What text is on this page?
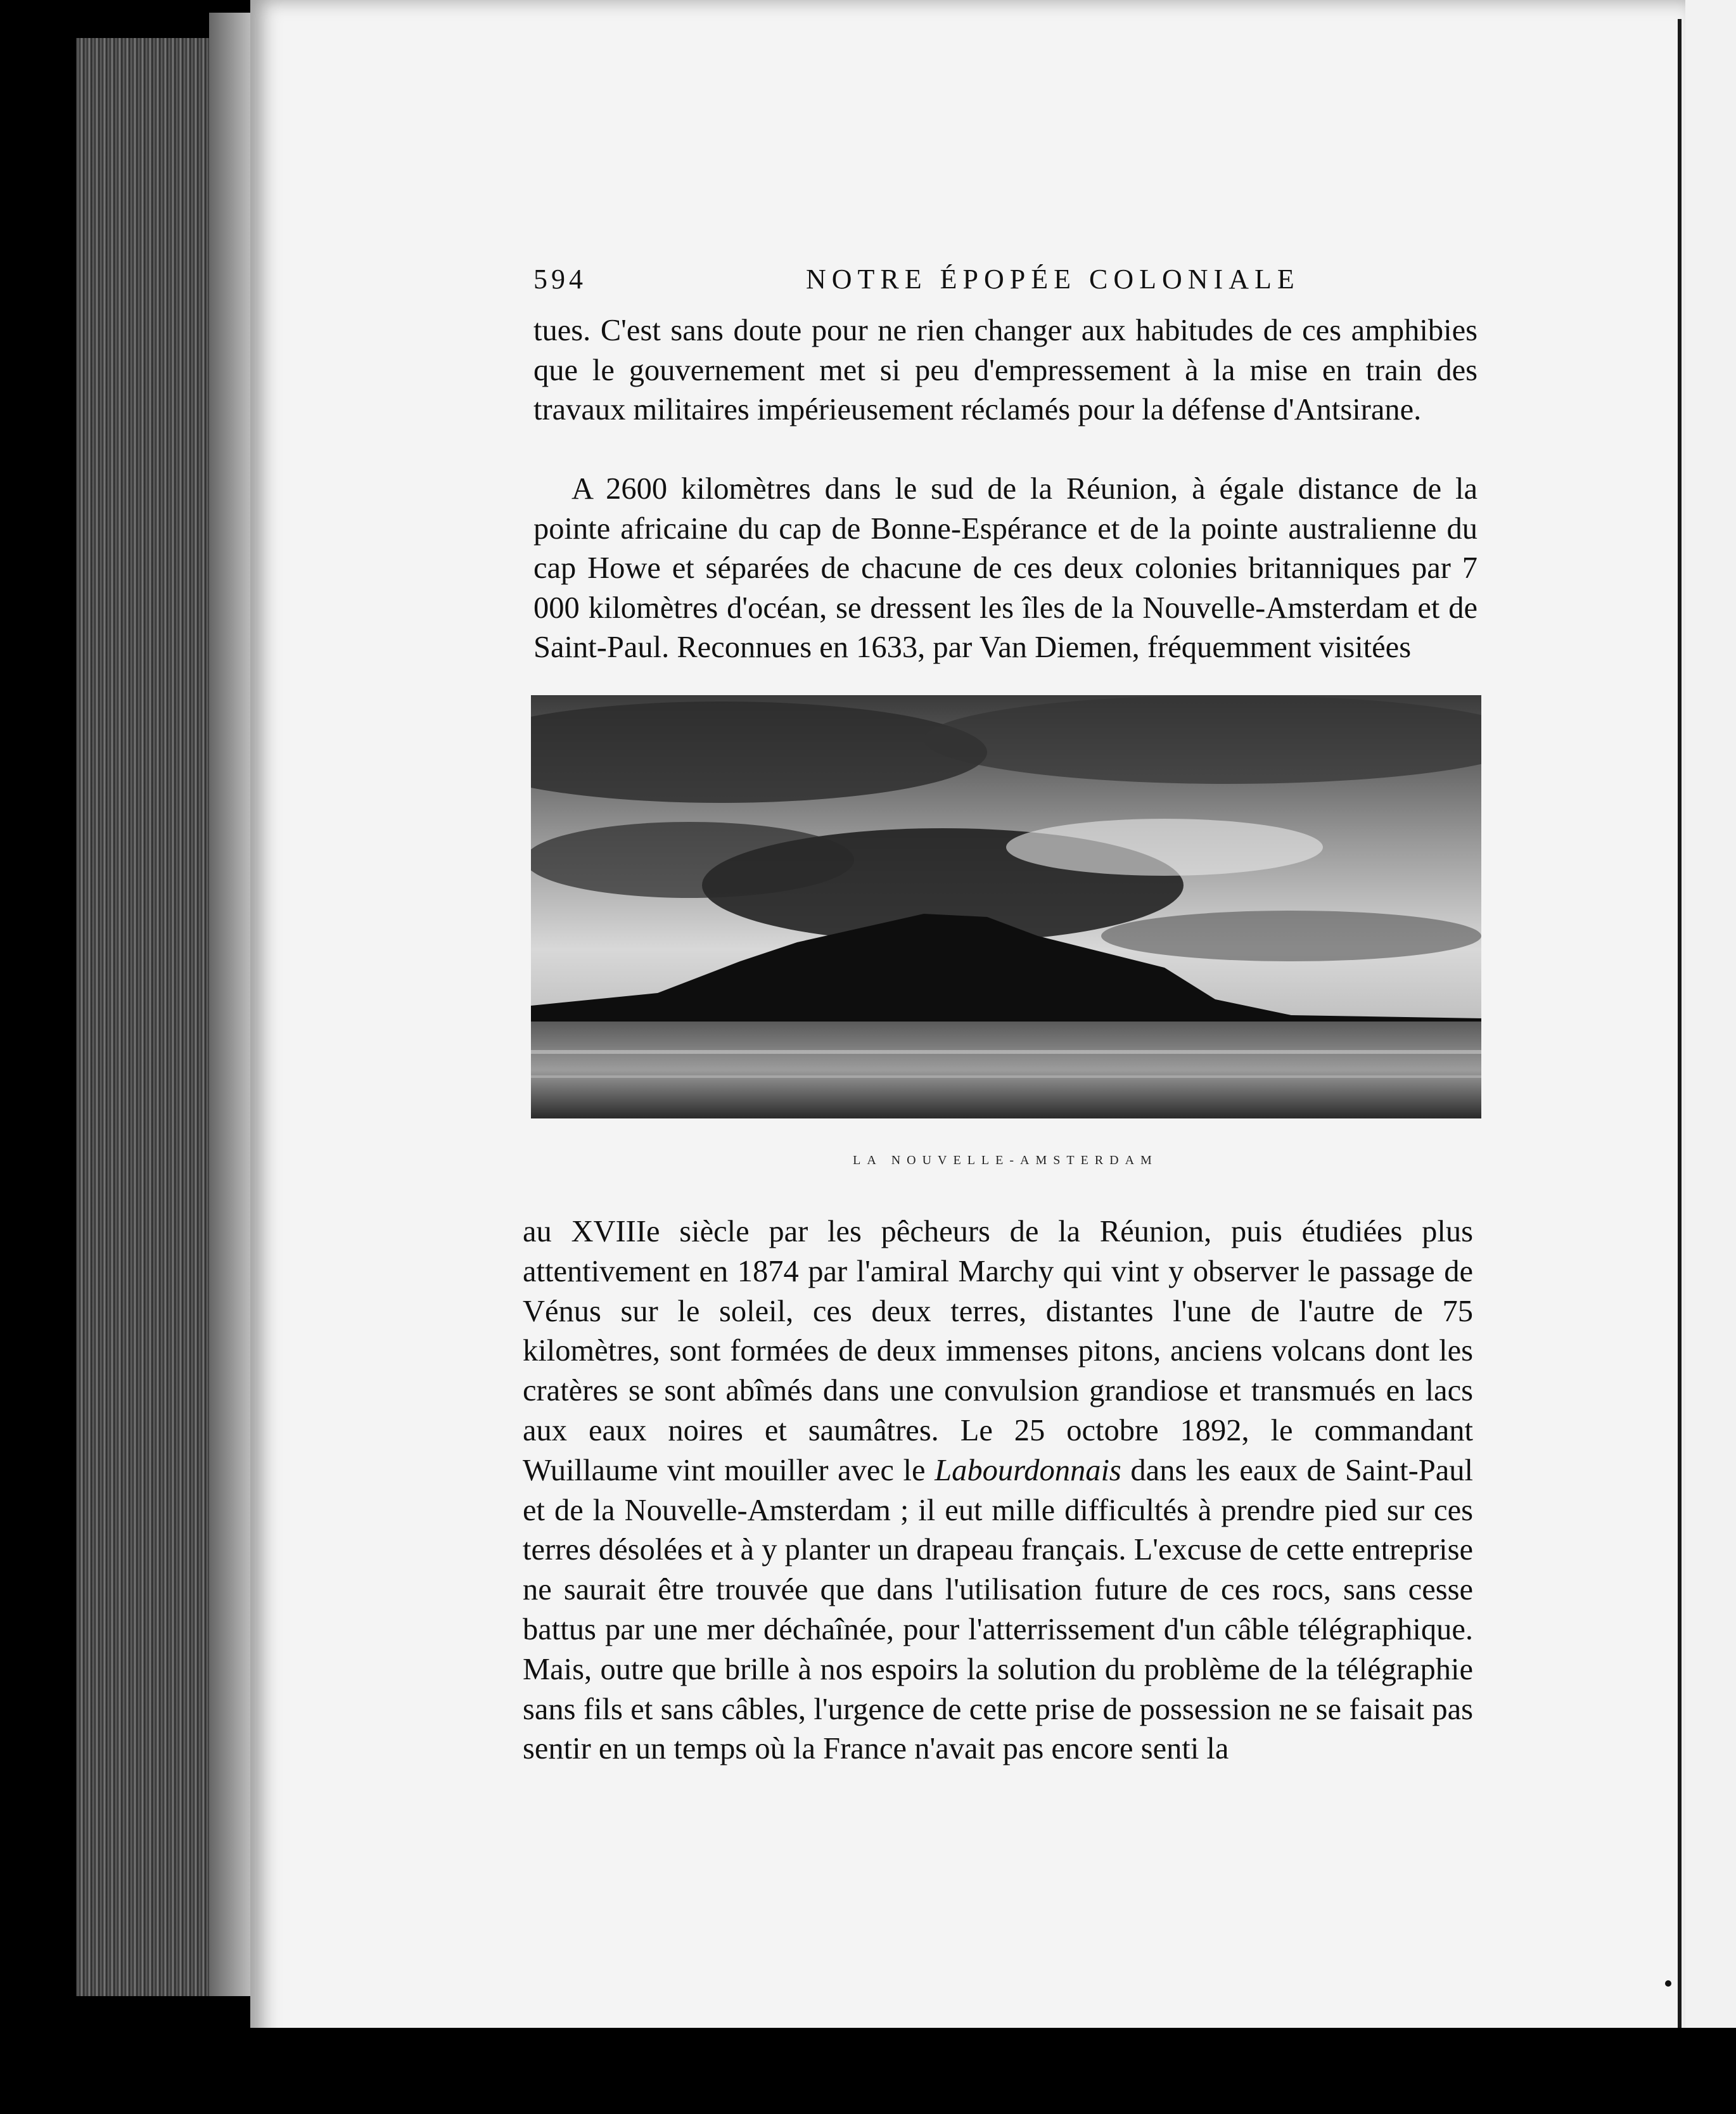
594	NOTRE ÉPOPÉE COLONIALE

tues. C'est sans doute pour ne rien changer aux habitudes de ces amphibies que le gouvernement met si peu d'empressement à la mise en train des travaux militaires impérieusement réclamés pour la défense d'Antsirane.

A 2600 kilomètres dans le sud de la Réunion, à égale distance de la pointe africaine du cap de Bonne-Espérance et de la pointe australienne du cap Howe et séparées de chacune de ces deux colonies britanniques par 7 000 kilomètres d'océan, se dressent les îles de la Nouvelle-Amsterdam et de Saint-Paul. Reconnues en 1633, par Van Diemen, fréquemment visitées

LA NOUVELLE-AMSTERDAM

au XVIIIe siècle par les pêcheurs de la Réunion, puis étudiées plus attentivement en 1874 par l'amiral Marchy qui vint y observer le passage de Vénus sur le soleil, ces deux terres, distantes l'une de l'autre de 75 kilomètres, sont formées de deux immenses pitons, anciens volcans dont les cratères se sont abîmés dans une convulsion grandiose et transmués en lacs aux eaux noires et saumâtres. Le 25 octobre 1892, le commandant Wuillaume vint mouiller avec le Labourdonnais dans les eaux de Saint-Paul et de la Nouvelle-Amsterdam ; il eut mille difficultés à prendre pied sur ces terres désolées et à y planter un drapeau français. L'excuse de cette entreprise ne saurait être trouvée que dans l'utilisation future de ces rocs, sans cesse battus par une mer déchaînée, pour l'atterrissement d'un câble télégraphique. Mais, outre que brille à nos espoirs la solution du problème de la télégraphie sans fils et sans câbles, l'urgence de cette prise de possession ne se faisait pas sentir en un temps où la France n'avait pas encore senti la
